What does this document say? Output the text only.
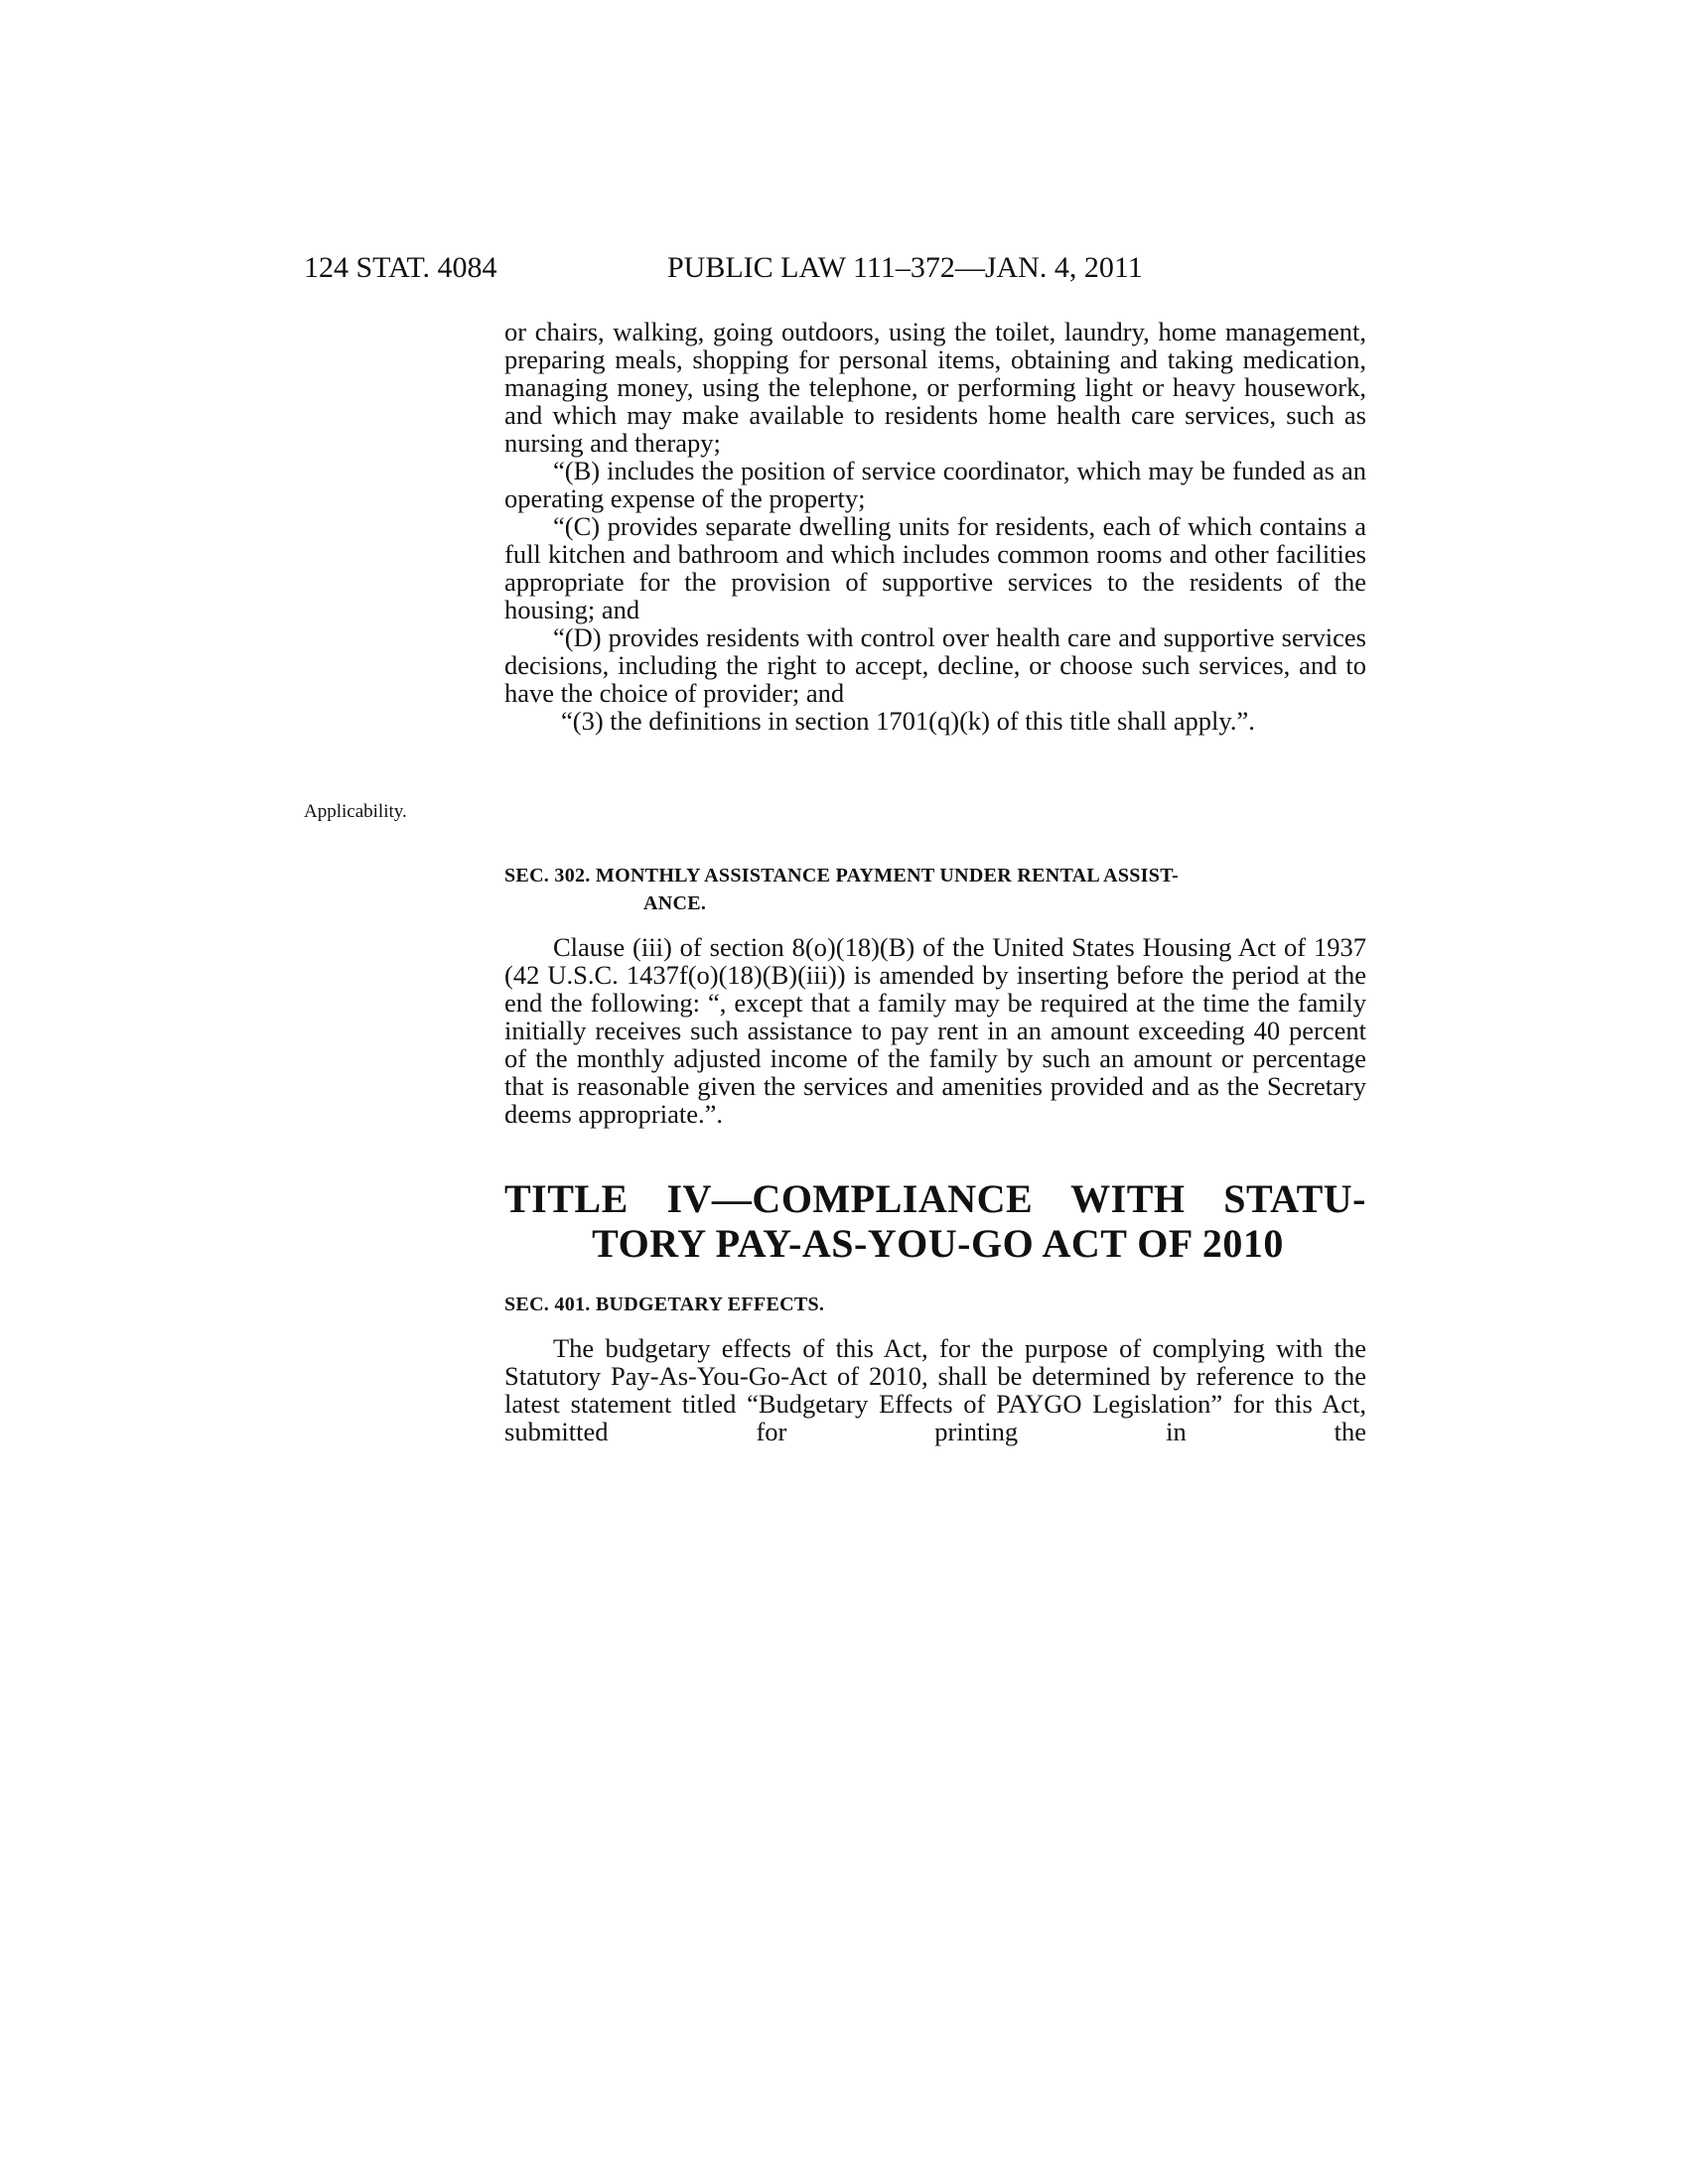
124 STAT. 4084	PUBLIC LAW 111–372—JAN. 4, 2011
Applicability.

or chairs, walking, going outdoors, using the toilet, laundry, home management, preparing meals, shopping for personal items, obtaining and taking medication, managing money, using the telephone, or performing light or heavy housework, and which may make available to residents home health care services, such as nursing and therapy;

“(B) includes the position of service coordinator, which may be funded as an operating expense of the property;

“(C) provides separate dwelling units for residents, each of which contains a full kitchen and bathroom and which includes common rooms and other facilities appropriate for the provision of supportive services to the residents of the housing; and

“(D) provides residents with control over health care and supportive services decisions, including the right to accept, decline, or choose such services, and to have the choice of provider; and

“(3) the definitions in section 1701(q)(k) of this title shall apply.”.

SEC. 302. MONTHLY ASSISTANCE PAYMENT UNDER RENTAL ASSIST-
ANCE.

Clause (iii) of section 8(o)(18)(B) of the United States Housing Act of 1937 (42 U.S.C. 1437f(o)(18)(B)(iii)) is amended by inserting before the period at the end the following: “, except that a family may be required at the time the family initially receives such assistance to pay rent in an amount exceeding 40 percent of the monthly adjusted income of the family by such an amount or percentage that is reasonable given the services and amenities provided and as the Secretary deems appropriate.”.

TITLE IV—COMPLIANCE WITH STATU-
TORY PAY-AS-YOU-GO ACT OF 2010

SEC. 401. BUDGETARY EFFECTS.

The budgetary effects of this Act, for the purpose of complying with the Statutory Pay-As-You-Go-Act of 2010, shall be determined by reference to the latest statement titled “Budgetary Effects of PAYGO Legislation” for this Act, submitted for printing in the
